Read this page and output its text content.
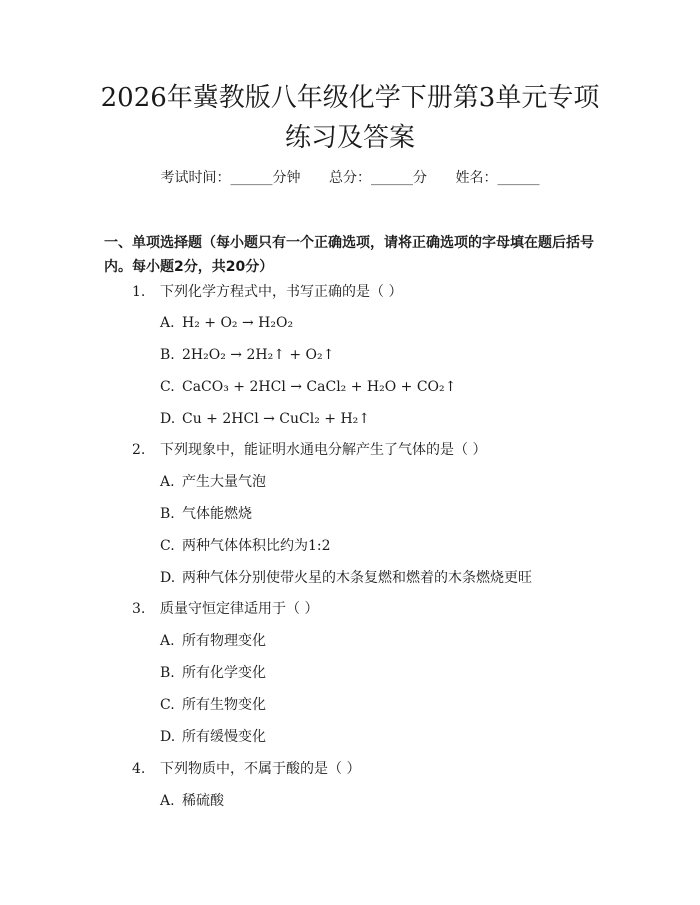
2026年冀教版八年级化学下册第3单元专项
练习及答案
考试时间：______分钟 总分：______分 姓名：______
一、单项选择题（每小题只有一个正确选项，请将正确选项的字母填在题后括号内。每小题2分，共20分）
1. 下列化学方程式中，书写正确的是（ ）
A. H₂ + O₂ → H₂O₂
B. 2H₂O₂ → 2H₂↑ + O₂↑
C. CaCO₃ + 2HCl → CaCl₂ + H₂O + CO₂↑
D. Cu + 2HCl → CuCl₂ + H₂↑
2. 下列现象中，能证明水通电分解产生了气体的是（ ）
A. 产生大量气泡
B. 气体能燃烧
C. 两种气体体积比约为1:2
D. 两种气体分别使带火星的木条复燃和燃着的木条燃烧更旺
3. 质量守恒定律适用于（ ）
A. 所有物理变化
B. 所有化学变化
C. 所有生物变化
D. 所有缓慢变化
4. 下列物质中，不属于酸的是（ ）
A. 稀硫酸
